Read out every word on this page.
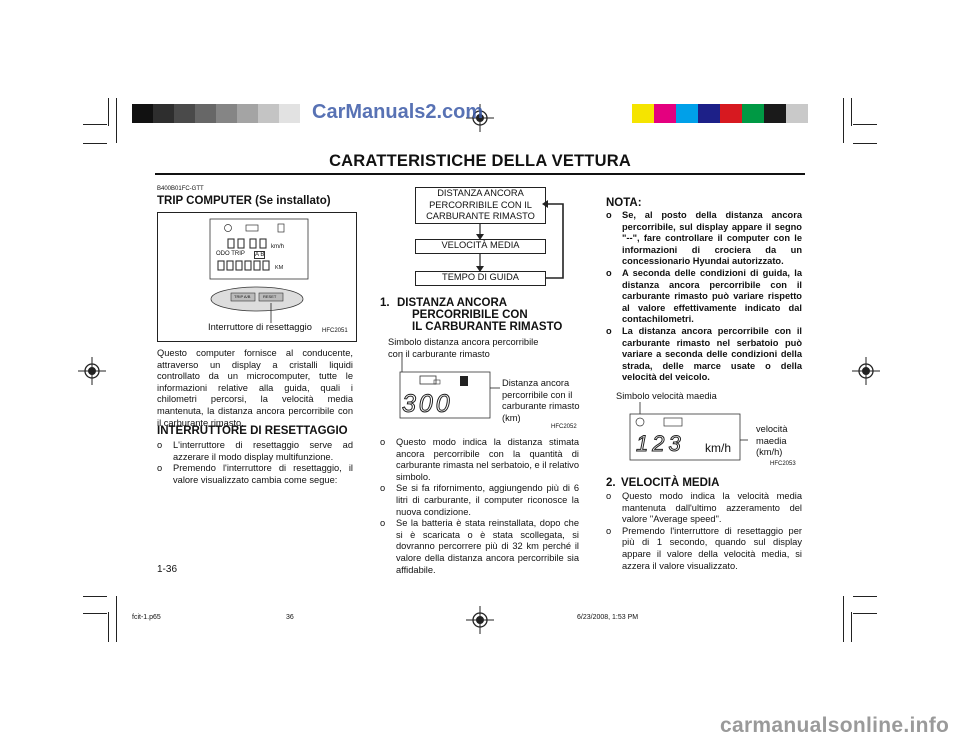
CarManuals2.com
carmanualsonline.info
CARATTERISTICHE DELLA VETTURA
B400B01FC-GTT
TRIP COMPUTER (Se installato)
km/h
ODO TRIP A B
KM
TRIP A/B	RESET
Interruttore di resettaggio HFC2051
Questo computer fornisce al conducente, attraverso un display a cristalli liquidi controllato da un microcomputer, tutte le informazioni relative alla guida, quali i chilometri percorsi, la velocità media mantenuta, la distanza ancora percorribile con il carburante rimasto.
INTERRUTTORE DI RESETTAGGIO
o L'interruttore di resettaggio serve ad azzerare il modo display multifunzione.
o Premendo l'interruttore di resettaggio, il valore visualizzato cambia come segue:
1-36
DISTANZA ANCORA PERCORRIBILE CON IL CARBURANTE RIMASTO
VELOCITÀ MEDIA
TEMPO DI GUIDA
1. DISTANZA ANCORA
PERCORRIBILE CON
IL CARBURANTE RIMASTO
Simbolo distanza ancora percorribile con il carburante rimasto
300
Distanza ancora percorribile con il carburante rimasto (km)
HFC2052
o Questo modo indica la distanza stimata ancora percorribile con la quantità di carburante rimasta nel serbatoio, e il relativo simbolo.
o Se si fa rifornimento, aggiungendo più di 6 litri di carburante, il computer riconosce la nuova condizione.
o Se la batteria è stata reinstallata, dopo che si è scaricata o è stata scollegata, si dovranno percorrere più di 32 km perché il valore della distanza ancora percorribile sia affidabile.
NOTA:
o Se, al posto della distanza ancora percorribile, sul display appare il segno "--", fare controllare il computer con le informazioni di crociera da un concessionario Hyundai autorizzato.
o A seconda delle condizioni di guida, la distanza ancora percorribile con il carburante rimasto può variare rispetto al valore effettivamente indicato dal contachilometri.
o La distanza ancora percorribile con il carburante rimasto nel serbatoio può variare a seconda delle condizioni della strada, delle marce usate o della velocità del veicolo.
Simbolo velocità maedia
123 km/h
velocità maedia (km/h)
HFC2053
2. VELOCITÀ MEDIA
o Questo modo indica la velocità media mantenuta dall'ultimo azzeramento del valore "Average speed".
o Premendo l'interruttore di resettaggio per più di 1 secondo, quando sul display appare il valore della velocità media, si azzera il valore visualizzato.
fcit-1.p65	36	6/23/2008, 1:53 PM
